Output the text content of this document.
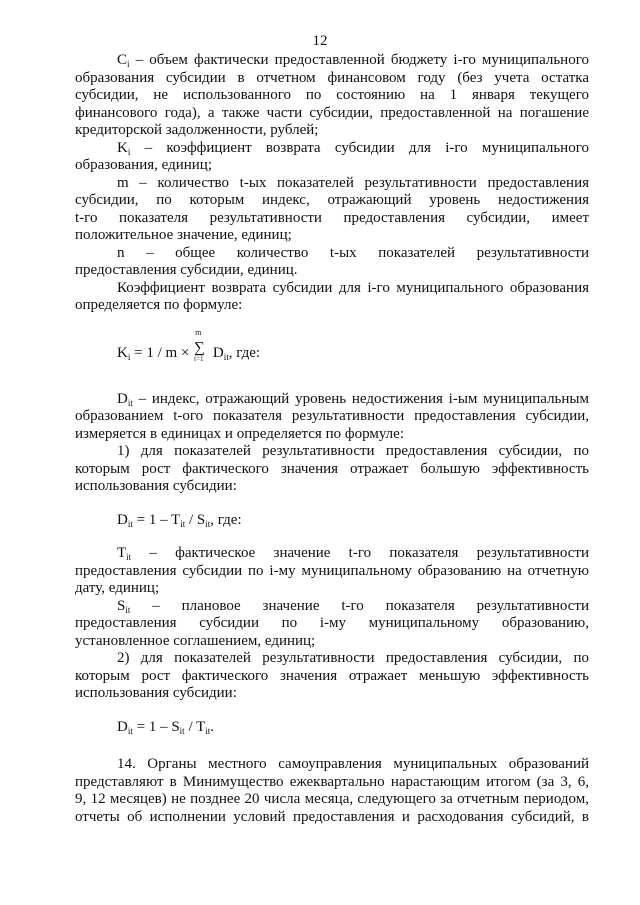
12
$C_i$ – объем фактически предоставленной бюджету i-го муниципального
образования субсидии в отчетном финансовом году (без учета остатка
субсидии, не использованного по состоянию на 1 января текущего
финансового года), а также части субсидии, предоставленной на погашение
кредиторской задолженности, рублей;
$K_i$ – коэффициент возврата субсидии для i-го муниципального
образования, единиц;
m – количество t-ых показателей результативности предоставления
субсидии, по которым индекс, отражающий уровень недостижения
t-го показателя результативности предоставления субсидии, имеет
положительное значение, единиц;
n – общее количество t-ых показателей результативности
предоставления субсидии, единиц.
Коэффициент возврата субсидии для i-го муниципального образования
определяется по формуле:
$K_i = 1 / m$ ×
m
∑
t=1 $D_{it}$, где:
$D_{it}$ – индекс, отражающий уровень недостижения i-ым муниципальным
образованием t-ого показателя результативности предоставления субсидии,
измеряется в единицах и определяется по формуле:
1) для показателей результативности предоставления субсидии, по
которым рост фактического значения отражает большую эффективность
использования субсидии:
$D_{it} = 1 - T_{it} / S_{it}$, где:
$T_{it}$ – фактическое значение t-го показателя результативности
предоставления субсидии по i-му муниципальному образованию на отчетную
дату, единиц;
$S_{it}$ – плановое значение t-го показателя результативности
предоставления субсидии по i-му муниципальному образованию,
установленное соглашением, единиц;
2) для показателей результативности предоставления субсидии, по
которым рост фактического значения отражает меньшую эффективность
использования субсидии:
$D_{it} = 1 - S_{it} / T_{it}$.
14. Органы местного самоуправления муниципальных образований
представляют в Минимущество ежеквартально нарастающим итогом (за 3, 6,
9, 12 месяцев) не позднее 20 числа месяца, следующего за отчетным периодом,
отчеты об исполнении условий предоставления и расходования субсидий, в
